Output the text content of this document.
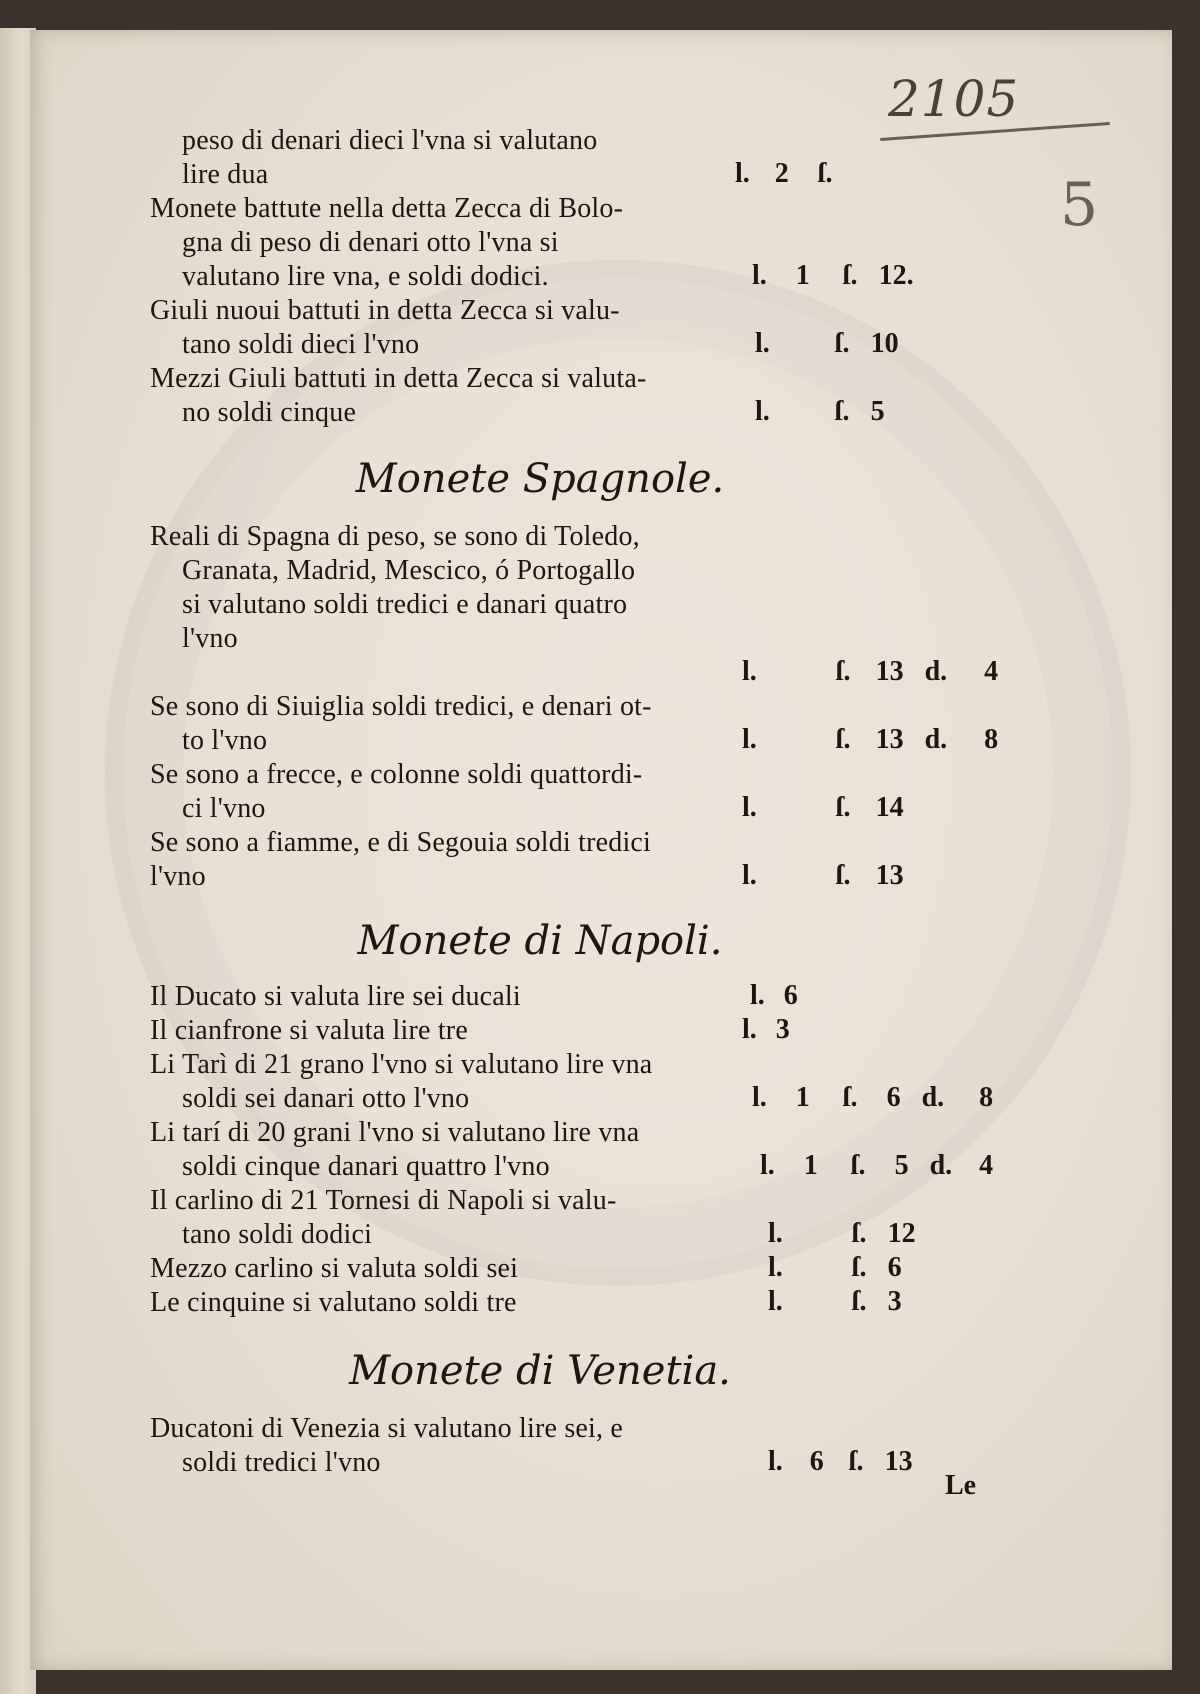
2105
5
peso di denari dieci l'vna si valutano
lire dua	l. 2 ſ.
Monete battute nella detta Zecca di Bolo-
gna di peso di denari otto l'vna si
valutano lire vna, e soldi dodici.	l. 1 ſ. 12.
Giuli nuoui battuti in detta Zecca si valu-
tano soldi dieci l'vno	l. ſ. 10
Mezzi Giuli battuti in detta Zecca si valuta-
no soldi cinque	l. ſ. 5
Monete Spagnole.
Reali di Spagna di peso, se sono di Toledo,
Granata, Madrid, Mescico, ó Portogallo
si valutano soldi tredici e danari quatro
l'vno
l.	ſ. 13 d. 4
Se sono di Siuiglia soldi tredici, e denari ot-
to l'vno	l.	ſ. 13 d. 8
Se sono a frecce, e colonne soldi quattordi-
ci l'vno	l.	ſ. 14
Se sono a fiamme, e di Segouia soldi tredici
l'vno	l.	ſ. 13
Monete di Napoli.
Il Ducato si valuta lire sei ducali	l. 6
Il cianfrone si valuta lire tre	l. 3
Li Tarì di 21 grano l'vno si valutano lire vna
soldi sei danari otto l'vno	l. 1 ſ. 6 d. 8
Li tarí di 20 grani l'vno si valutano lire vna
soldi cinque danari quattro l'vno	l. 1 ſ. 5 d. 4
Il carlino di 21 Tornesi di Napoli si valu-
tano soldi dodici	l. ſ. 12
Mezzo carlino si valuta soldi sei	l. ſ. 6
Le cinquine si valutano soldi tre	l. ſ. 3
Monete di Venetia.
Ducatoni di Venezia si valutano lire sei, e
soldi tredici l'vno	l. 6 ſ. 13
Le
